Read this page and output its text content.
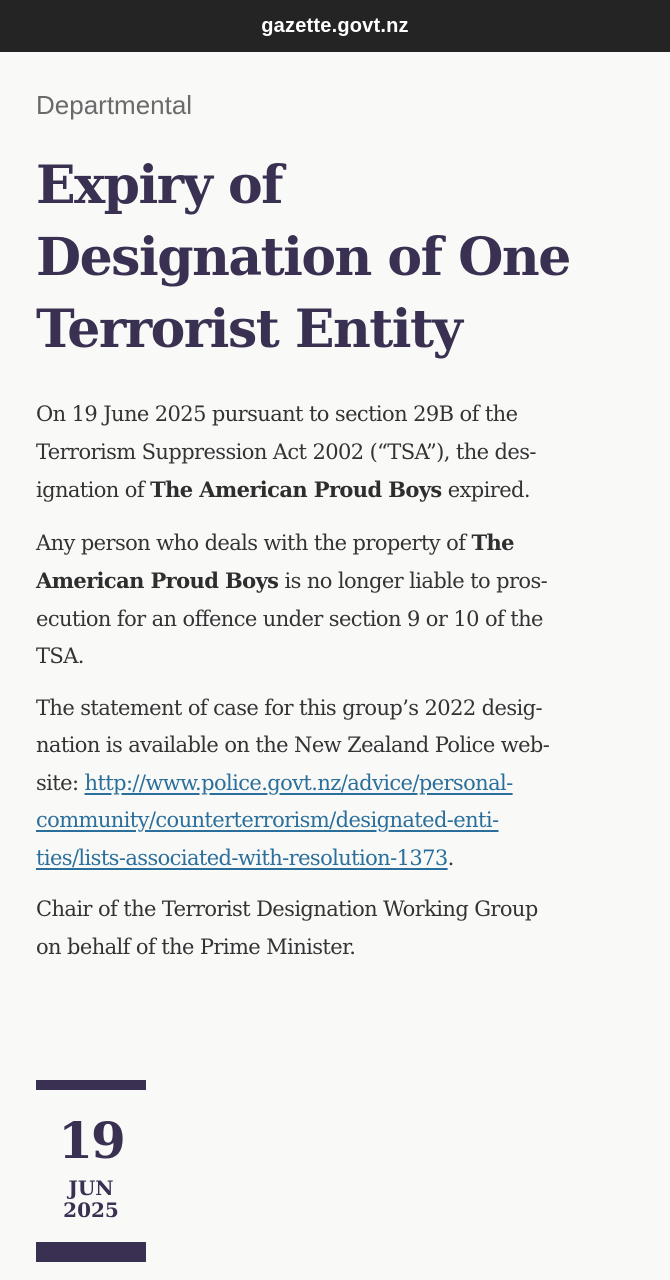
gazette.govt.nz
Departmental
Expiry of
Designation of One
Terrorist Entity

On 19 June 2025 pursuant to section 29B of the
Terrorism Suppression Act 2002 (“TSA”), the des-
ignation of The American Proud Boys expired.

Any person who deals with the property of The
American Proud Boys is no longer liable to pros-
ecution for an offence under section 9 or 10 of the
TSA.

The statement of case for this group’s 2022 desig-
nation is available on the New Zealand Police web-
site: http://www.police.govt.nz/advice/personal-
community/counterterrorism/designated-enti-
ties/lists-associated-with-resolution-1373.

Chair of the Terrorist Designation Working Group
on behalf of the Prime Minister.

19
JUN
2025
